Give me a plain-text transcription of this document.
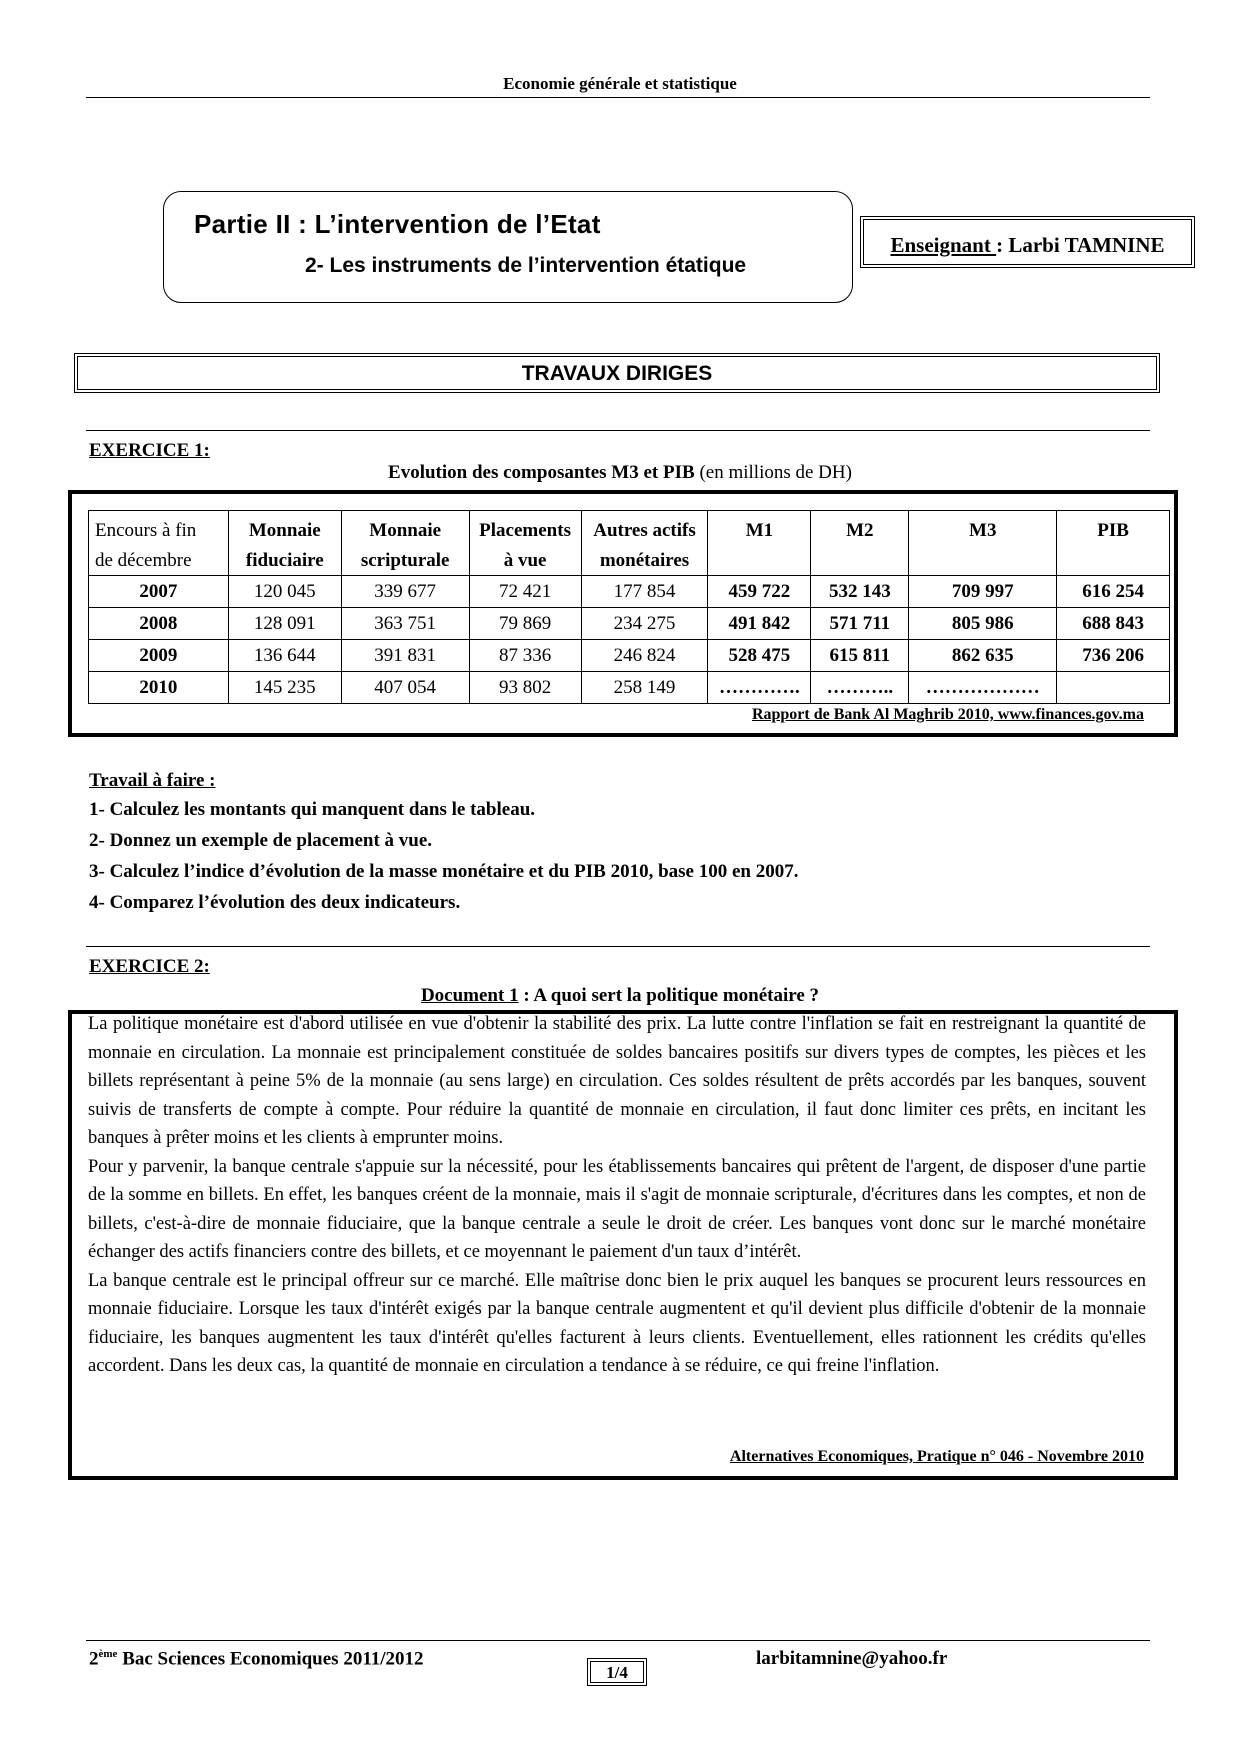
Economie générale et statistique
Partie II : L’intervention de l’Etat
2- Les instruments de l’intervention étatique
Enseignant : Larbi TAMNINE
TRAVAUX DIRIGES
EXERCICE 1:
Evolution des composantes M3 et PIB (en millions de DH)
Encours à fin	Monnaie	Monnaie	Placements	Autres actifs	M1	M2	M3	PIB
de décembre	fiduciaire	scripturale	à vue	monétaires				
2007	120 045	339 677	72 421	177 854	459 722	532 143	709 997	616 254
2008	128 091	363 751	79 869	234 275	491 842	571 711	805 986	688 843
2009	136 644	391 831	87 336	246 824	528 475	615 811	862 635	736 206
2010	145 235	407 054	93 802	258 149	………….	………..	………………	
Rapport de Bank Al Maghrib 2010, www.finances.gov.ma
Travail à faire :
1- Calculez les montants qui manquent dans le tableau.
2- Donnez un exemple de placement à vue.
3- Calculez l’indice d’évolution de la masse monétaire et du PIB 2010, base 100 en 2007.
4- Comparez l’évolution des deux indicateurs.
EXERCICE 2:
Document 1 : A quoi sert la politique monétaire ?

La politique monétaire est d'abord utilisée en vue d'obtenir la stabilité des prix. La lutte contre l'inflation se fait en restreignant la quantité de monnaie en circulation. La monnaie est principalement constituée de soldes bancaires positifs sur divers types de comptes, les pièces et les billets représentant à peine 5% de la monnaie (au sens large) en circulation. Ces soldes résultent de prêts accordés par les banques, souvent suivis de transferts de compte à compte. Pour réduire la quantité de monnaie en circulation, il faut donc limiter ces prêts, en incitant les banques à prêter moins et les clients à emprunter moins.

Pour y parvenir, la banque centrale s'appuie sur la nécessité, pour les établissements bancaires qui prêtent de l'argent, de disposer d'une partie de la somme en billets. En effet, les banques créent de la monnaie, mais il s'agit de monnaie scripturale, d'écritures dans les comptes, et non de billets, c'est-à-dire de monnaie fiduciaire, que la banque centrale a seule le droit de créer. Les banques vont donc sur le marché monétaire échanger des actifs financiers contre des billets, et ce moyennant le paiement d'un taux d’intérêt.

La banque centrale est le principal offreur sur ce marché. Elle maîtrise donc bien le prix auquel les banques se procurent leurs ressources en monnaie fiduciaire. Lorsque les taux d'intérêt exigés par la banque centrale augmentent et qu'il devient plus difficile d'obtenir de la monnaie fiduciaire, les banques augmentent les taux d'intérêt qu'elles facturent à leurs clients. Eventuellement, elles rationnent les crédits qu'elles accordent. Dans les deux cas, la quantité de monnaie en circulation a tendance à se réduire, ce qui freine l'inflation.

Alternatives Economiques, Pratique n° 046 - Novembre 2010
2ème Bac Sciences Economiques 2011/2012
1/4
larbitamnine@yahoo.fr
